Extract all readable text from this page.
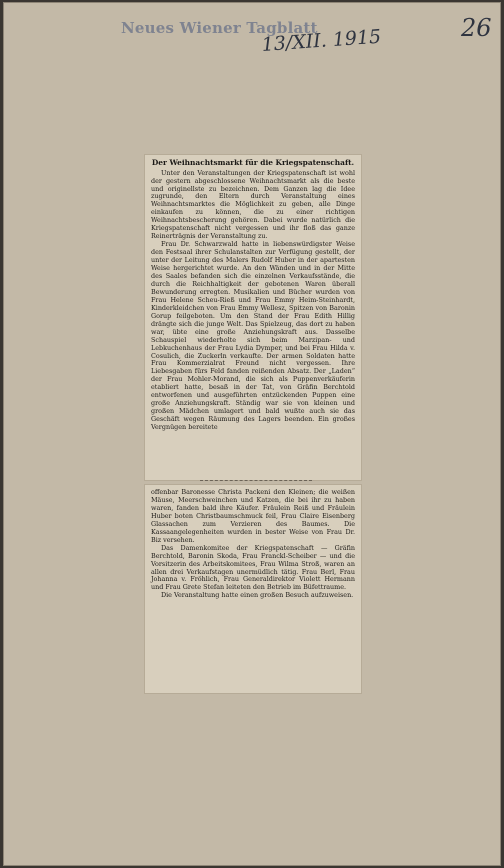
Neues Wiener Tagblatt
13/XII. 1915	26
Der Weihnachtsmarkt für die Kriegspatenschaft.

Unter den Veranstaltungen der Kriegspatenschaft ist wohl der gestern abgeschlossene Weihnachtsmarkt als die beste und originellste zu bezeichnen. Dem Ganzen lag die Idee zugrunde, den Eltern durch Veranstaltung eines Weihnachtsmarktes die Möglichkeit zu geben, alle Dinge einkaufen zu können, die zu einer richtigen Weihnachtsbescherung gehören. Dabei wurde natürlich die Kriegspatenschaft nicht vergessen und ihr floß das ganze Reinerträgnis der Veranstaltung zu.

Frau Dr. Schwarzwald hatte in liebenswürdigster Weise den Festsaal ihrer Schulanstalten zur Verfügung gestellt, der unter der Leitung des Malers Rudolf Huber in der apartesten Weise hergerichtet wurde. An den Wänden und in der Mitte des Saales befanden sich die einzelnen Verkaufsstände, die durch die Reichhaltigkeit der gebotenen Waren überall Bewunderung erregten. Musikalien und Bücher wurden von Frau Helene Scheu-Rieß und Frau Emmy Heim-Steinhardt, Kinderkleidchen von Frau Emmy Wellesz, Spitzen von Baronin Gorup feilgeboten. Um den Stand der Frau Edith Hillig drängte sich die junge Welt. Das Spielzeug, das dort zu haben war, übte eine große Anziehungskraft aus. Dasselbe Schauspiel wiederholte sich beim Marzipan- und Lebkuchenhaus der Frau Lydia Dymper, und bei Frau Hilda v. Cosulich, die Zuckerln verkaufte. Der armen Soldaten hatte Frau Kommerzialrat Freund nicht vergessen. Ihre Liebesgaben fürs Feld fanden reißenden Absatz. Der „Laden“ der Frau Mohler-Morand, die sich als Puppenverkäuferin etabliert hatte, besaß in der Tat, von Gräfin Berchtold entworfenen und ausgeführten entzückenden Puppen eine große Anziehungskraft. Ständig war sie von kleinen und großen Mädchen umlagert und bald wußte auch sie das Geschäft wegen Räumung des Lagers beenden. Ein großes Vergnügen bereitete

offenbar Baronesse Christa Packeni den Kleinen; die weißen Mäuse, Meerschweinchen und Katzen, die bei ihr zu haben waren, fanden bald ihre Käufer. Fräulein Reiß und Fräulein Huber boten Christbaumschmuck feil, Frau Claire Eisenberg Glassachen zum Verzieren des Baumes. Die Kassaangelegenheiten wurden in bester Weise von Frau Dr. Biz versehen.

Das Damenkomitee der Kriegspatenschaft — Gräfin Berchtold, Baronin Skoda, Frau Franckl-Scheiber — und die Vorsitzerin des Arbeitskomitees, Frau Wilma Stroß, waren an allen drei Verkaufstagen unermüdlich tätig. Frau Berl, Frau Johanna v. Fröhlich, Frau Generaldirektor Violett Hermann und Frau Grete Stefan leiteten den Betrieb im Büfettraume.

Die Veranstaltung hatte einen großen Besuch aufzuweisen.
